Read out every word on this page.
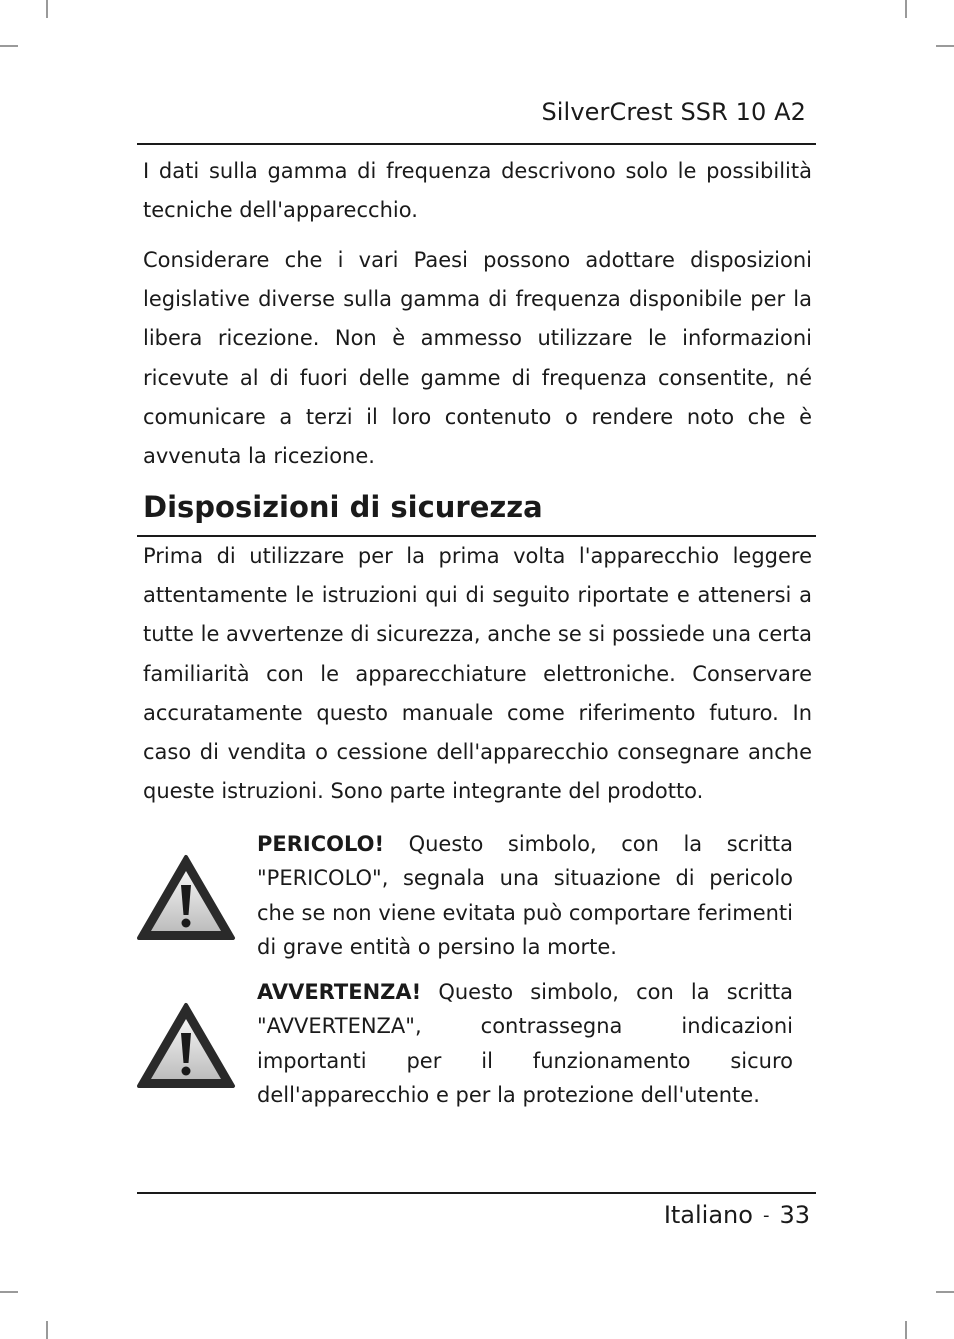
SilverCrest SSR 10 A2

I dati sulla gamma di frequenza descrivono solo le possibilità tecniche dell'apparecchio.

Considerare che i vari Paesi possono adottare disposizioni legislative diverse sulla gamma di frequenza disponibile per la libera ricezione. Non è ammesso utilizzare le informazioni ricevute al di fuori delle gamme di frequenza consentite, né comunicare a terzi il loro contenuto o rendere noto che è avvenuta la ricezione.

Disposizioni di sicurezza

Prima di utilizzare per la prima volta l'apparecchio leggere attentamente le istruzioni qui di seguito riportate e attenersi a tutte le avvertenze di sicurezza, anche se si possiede una certa familiarità con le apparecchiature elettroniche. Conservare accuratamente questo manuale come riferimento futuro. In caso di vendita o cessione dell'apparecchio consegnare anche queste istruzioni. Sono parte integrante del prodotto.

PERICOLO! Questo simbolo, con la scritta "PERICOLO", segnala una situazione di pericolo che se non viene evitata può comportare ferimenti di grave entità o persino la morte.

AVVERTENZA! Questo simbolo, con la scritta "AVVERTENZA", contrassegna indicazioni importanti per il funzionamento sicuro dell'apparecchio e per la protezione dell'utente.

Italiano - 33
